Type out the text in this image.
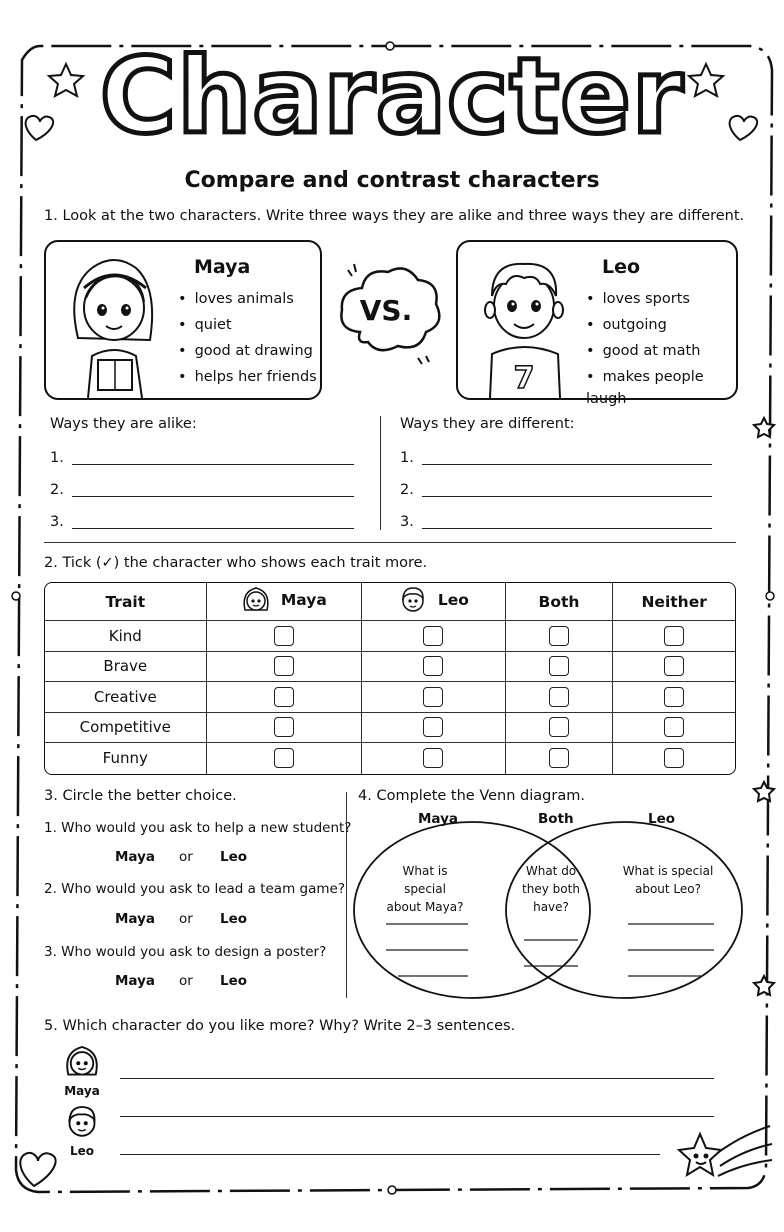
Character
Compare and contrast characters
1. Look at the two characters. Write three ways they are alike and three ways they are different.
Maya
• loves animals
• quiet
• good at drawing
• helps her friends
VS.
7
Leo
• loves sports
• outgoing
• good at math
• makes people laugh
Ways they are alike:	Ways they are different:
1.
2.
3.
1.
2.
3.
2. Tick (✓) the character who shows each trait more.
Trait	Maya	Leo	Both	Neither
Kind				
Brave				
Creative				
Competitive				
Funny				
3. Circle the better choice.
1. Who would you ask to help a new student?
Maya or Leo
2. Who would you ask to lead a team game?
Maya or Leo
3. Who would you ask to design a poster?
Maya or Leo
4. Complete the Venn diagram.
Maya	Both	Leo
What is special
about Maya?
What do
they both
have?
What is special
about Leo?
5. Which character do you like more? Why? Write 2–3 sentences.
Maya
Leo
